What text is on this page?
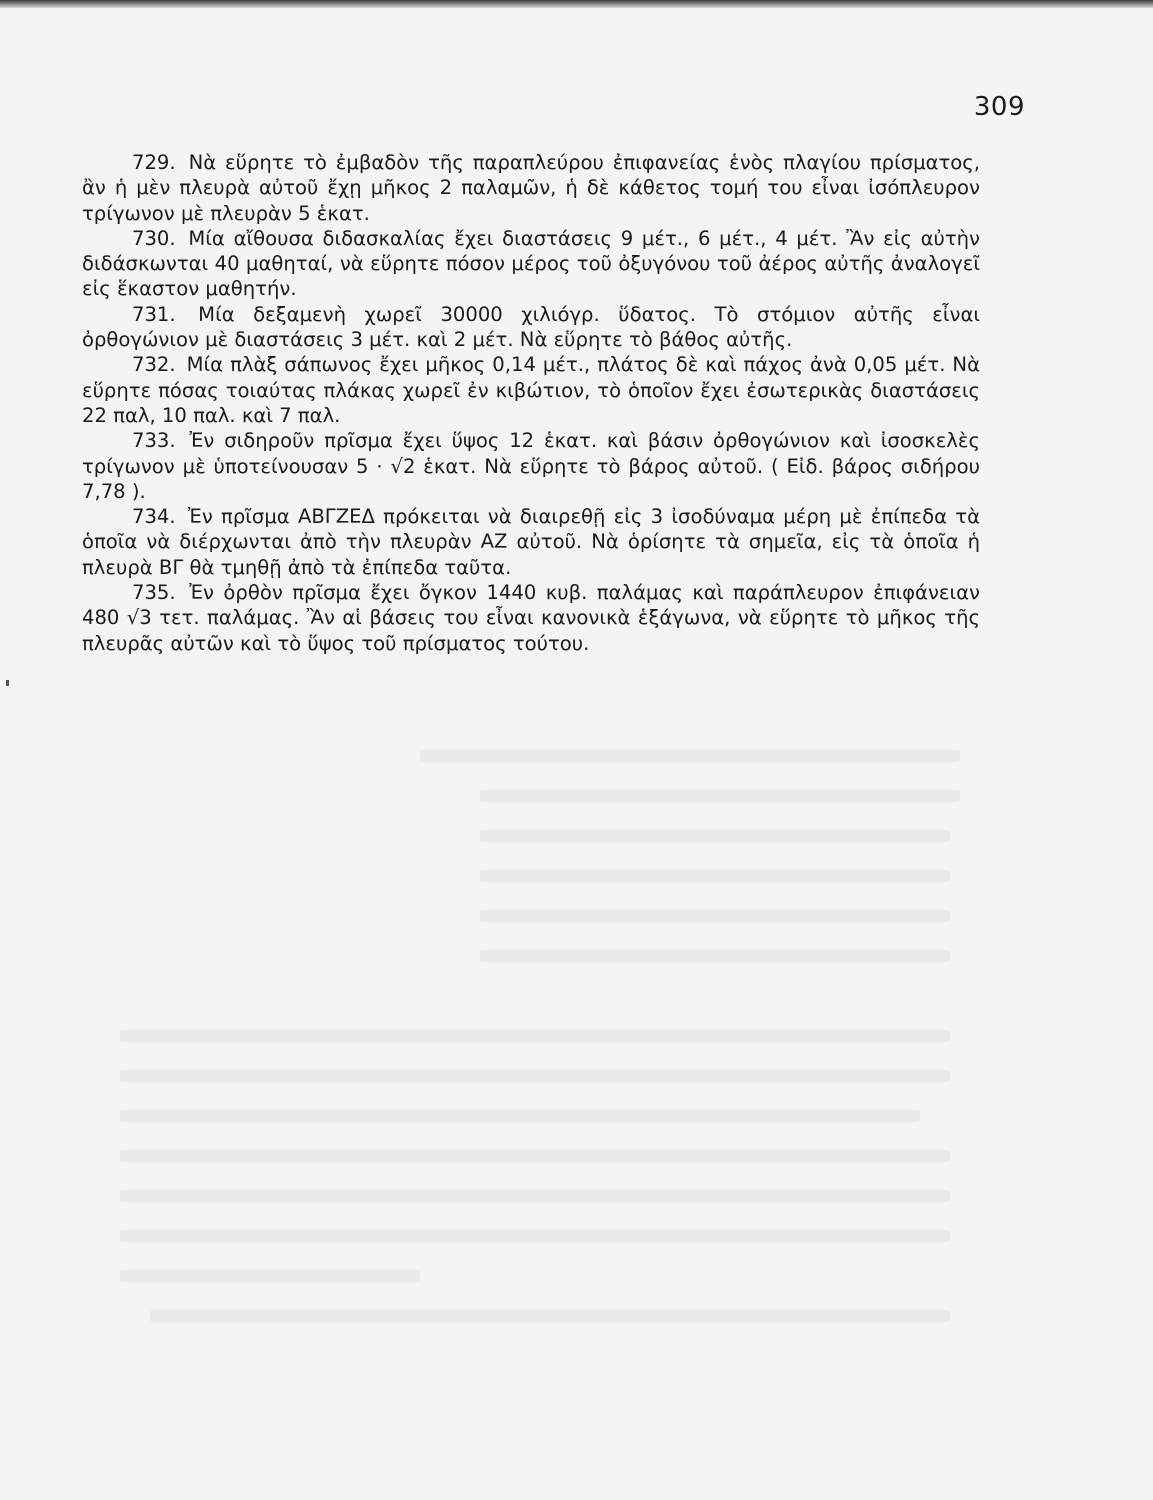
309

729. Νὰ εὕρητε τὸ ἐμβαδὸν τῆς παραπλεύρου ἐπιφανείας ἑνὸς πλαγίου πρίσματος, ἂν ἡ μὲν πλευρὰ αὐτοῦ ἔχῃ μῆκος 2 παλαμῶν, ἡ δὲ κάθετος τομή του εἶναι ἰσόπλευρον τρίγωνον μὲ πλευρὰν 5 ἑκατ.

730. Μία αἴθουσα διδασκαλίας ἔχει διαστάσεις 9 μέτ., 6 μέτ., 4 μέτ. Ἂν εἰς αὐτὴν διδάσκωνται 40 μαθηταί, νὰ εὕρητε πόσον μέρος τοῦ ὀξυγόνου τοῦ ἀέρος αὐτῆς ἀναλογεῖ εἰς ἕκαστον μαθητήν.

731. Μία δεξαμενὴ χωρεῖ 30000 χιλιόγρ. ὕδατος. Τὸ στόμιον αὐτῆς εἶναι ὀρθογώνιον μὲ διαστάσεις 3 μέτ. καὶ 2 μέτ. Νὰ εὕρητε τὸ βάθος αὐτῆς.

732. Μία πλὰξ σάπωνος ἔχει μῆκος 0,14 μέτ., πλάτος δὲ καὶ πάχος ἀνὰ 0,05 μέτ. Νὰ εὕρητε πόσας τοιαύτας πλάκας χωρεῖ ἐν κιβώτιον, τὸ ὁποῖον ἔχει ἐσωτερικὰς διαστάσεις 22 παλ, 10 παλ. καὶ 7 παλ.

733. Ἐν σιδηροῦν πρῖσμα ἔχει ὕψος 12 ἑκατ. καὶ βάσιν ὀρθογώνιον καὶ ἰσοσκελὲς τρίγωνον μὲ ὑποτείνουσαν 5 · √2 ἑκατ. Νὰ εὕρητε τὸ βάρος αὐτοῦ. ( Εἰδ. βάρος σιδήρου 7,78 ).

734. Ἐν πρῖσμα ΑΒΓΖΕΔ πρόκειται νὰ διαιρεθῇ εἰς 3 ἰσοδύναμα μέρη μὲ ἐπίπεδα τὰ ὁποῖα νὰ διέρχωνται ἀπὸ τὴν πλευρὰν ΑΖ αὐτοῦ. Νὰ ὁρίσητε τὰ σημεῖα, εἰς τὰ ὁποῖα ἡ πλευρὰ ΒΓ θὰ τμηθῇ ἀπὸ τὰ ἐπίπεδα ταῦτα.

735. Ἐν ὀρθὸν πρῖσμα ἔχει ὄγκον 1440 κυβ. παλάμας καὶ παράπλευρον ἐπιφάνειαν 480 √3 τετ. παλάμας. Ἂν αἱ βάσεις του εἶναι κανονικὰ ἑξάγωνα, νὰ εὕρητε τὸ μῆκος τῆς πλευρᾶς αὐτῶν καὶ τὸ ὕψος τοῦ πρίσματος τούτου.
